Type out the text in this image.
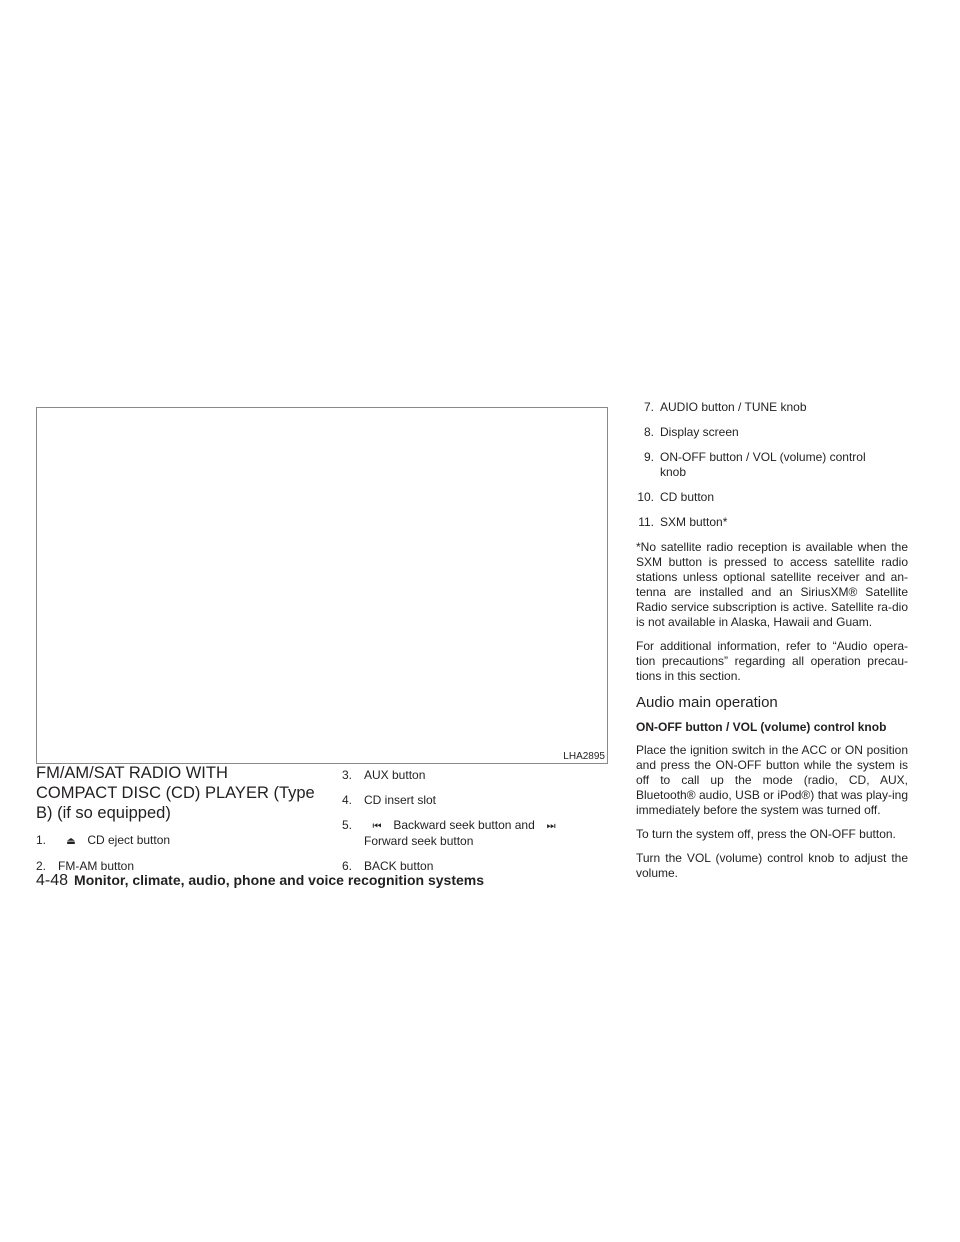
LHA2895
FM/AM/SAT RADIO WITH
COMPACT DISC (CD) PLAYER (Type
B) (if so equipped)
1. ⏏ CD eject button
2. FM-AM button
3. AUX button
4. CD insert slot
5. ⏮ Backward seek button and ⏭
Forward seek button
6. BACK button
7. AUDIO button / TUNE knob
8. Display screen
9. ON-OFF button / VOL (volume) control
knob
10. CD button
11. SXM button*

*No satellite radio reception is available when the SXM button is pressed to access satellite radio stations unless optional satellite receiver and an-tenna are installed and an SiriusXM® Satellite Radio service subscription is active. Satellite ra-dio is not available in Alaska, Hawaii and Guam.

For additional information, refer to “Audio opera-tion precautions” regarding all operation precau-tions in this section.

Audio main operation

ON-OFF button / VOL (volume) control knob

Place the ignition switch in the ACC or ON position and press the ON-OFF button while the system is off to call up the mode (radio, CD, AUX, Bluetooth® audio, USB or iPod®) that was play-ing immediately before the system was turned off.

To turn the system off, press the ON-OFF button.

Turn the VOL (volume) control knob to adjust the volume.

4-48 Monitor, climate, audio, phone and voice recognition systems
